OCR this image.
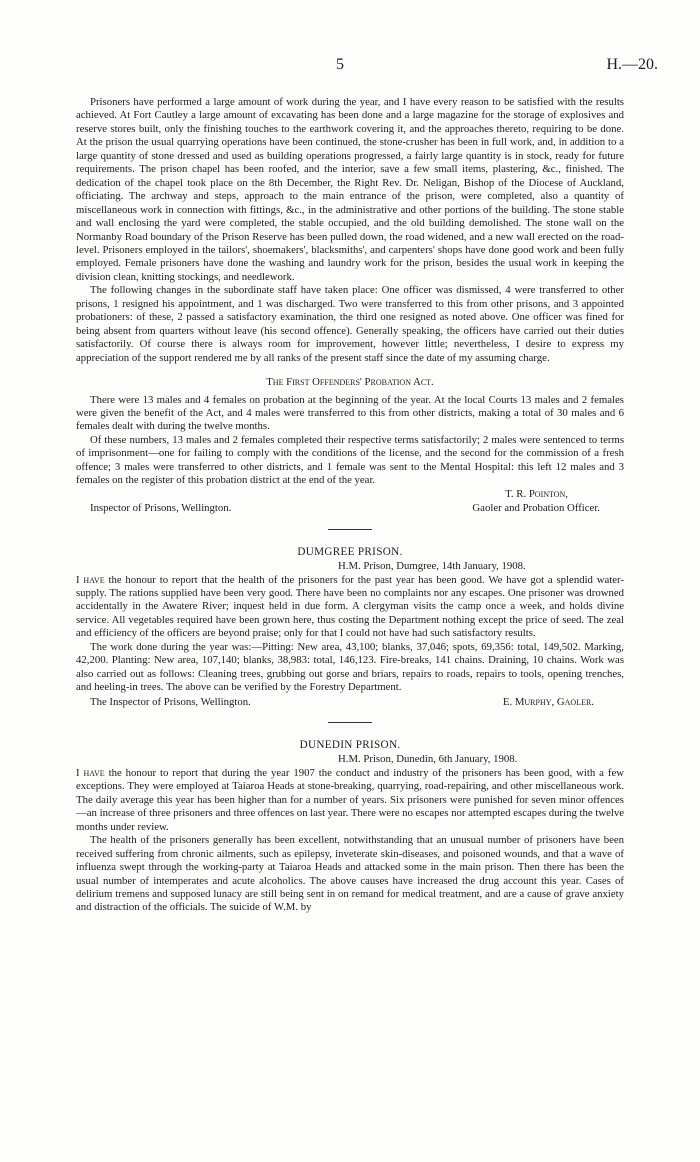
5	H.—20.

Prisoners have performed a large amount of work during the year, and I have every reason to be satisfied with the results achieved. At Fort Cautley a large amount of excavating has been done and a large magazine for the storage of explosives and reserve stores built, only the finishing touches to the earthwork covering it, and the approaches thereto, requiring to be done. At the prison the usual quarrying operations have been continued, the stone-crusher has been in full work, and, in addition to a large quantity of stone dressed and used as building operations progressed, a fairly large quantity is in stock, ready for future requirements. The prison chapel has been roofed, and the interior, save a few small items, plastering, &c., finished. The dedication of the chapel took place on the 8th December, the Right Rev. Dr. Neligan, Bishop of the Diocese of Auckland, officiating. The archway and steps, approach to the main entrance of the prison, were completed, also a quantity of miscellaneous work in connection with fittings, &c., in the administrative and other portions of the building. The stone stable and wall enclosing the yard were completed, the stable occupied, and the old building demolished. The stone wall on the Normanby Road boundary of the Prison Reserve has been pulled down, the road widened, and a new wall erected on the road-level. Prisoners employed in the tailors', shoemakers', blacksmiths', and carpenters' shops have done good work and been fully employed. Female prisoners have done the washing and laundry work for the prison, besides the usual work in keeping the division clean, knitting stockings, and needlework.

The following changes in the subordinate staff have taken place: One officer was dismissed, 4 were transferred to other prisons, 1 resigned his appointment, and 1 was discharged. Two were transferred to this from other prisons, and 3 appointed probationers: of these, 2 passed a satisfactory examination, the third one resigned as noted above. One officer was fined for being absent from quarters without leave (his second offence). Generally speaking, the officers have carried out their duties satisfactorily. Of course there is always room for improvement, however little; nevertheless, I desire to express my appreciation of the support rendered me by all ranks of the present staff since the date of my assuming charge.

The First Offenders' Probation Act.

There were 13 males and 4 females on probation at the beginning of the year. At the local Courts 13 males and 2 females were given the benefit of the Act, and 4 males were transferred to this from other districts, making a total of 30 males and 6 females dealt with during the twelve months.

Of these numbers, 13 males and 2 females completed their respective terms satisfactorily; 2 males were sentenced to terms of imprisonment—one for failing to comply with the conditions of the license, and the second for the commission of a fresh offence; 3 males were transferred to other districts, and 1 female was sent to the Mental Hospital: this left 12 males and 3 females on the register of this probation district at the end of the year.

T. R. Pointon,

Inspector of Prisons, Wellington.	Gaoler and Probation Officer.

DUMGREE PRISON.

H.M. Prison, Dumgree, 14th January, 1908.

I have the honour to report that the health of the prisoners for the past year has been good. We have got a splendid water-supply. The rations supplied have been very good. There have been no complaints nor any escapes. One prisoner was drowned accidentally in the Awatere River; inquest held in due form. A clergyman visits the camp once a week, and holds divine service. All vegetables required have been grown here, thus costing the Department nothing except the price of seed. The zeal and efficiency of the officers are beyond praise; only for that I could not have had such satisfactory results.

The work done during the year was:—Pitting: New area, 43,100; blanks, 37,046; spots, 69,356: total, 149,502. Marking, 42,200. Planting: New area, 107,140; blanks, 38,983: total, 146,123. Fire-breaks, 141 chains. Draining, 10 chains. Work was also carried out as follows: Cleaning trees, grubbing out gorse and briars, repairs to roads, repairs to tools, opening trenches, and heeling-in trees. The above can be verified by the Forestry Department.

The Inspector of Prisons, Wellington.	E. Murphy, Gaoler.

DUNEDIN PRISON.

H.M. Prison, Dunedin, 6th January, 1908.

I have the honour to report that during the year 1907 the conduct and industry of the prisoners has been good, with a few exceptions. They were employed at Taiaroa Heads at stone-breaking, quarrying, road-repairing, and other miscellaneous work. The daily average this year has been higher than for a number of years. Six prisoners were punished for seven minor offences—an increase of three prisoners and three offences on last year. There were no escapes nor attempted escapes during the twelve months under review.

The health of the prisoners generally has been excellent, notwithstanding that an unusual number of prisoners have been received suffering from chronic ailments, such as epilepsy, inveterate skin-diseases, and poisoned wounds, and that a wave of influenza swept through the working-party at Taiaroa Heads and attacked some in the main prison. Then there has been the usual number of intemperates and acute alcoholics. The above causes have increased the drug account this year. Cases of delirium tremens and supposed lunacy are still being sent in on remand for medical treatment, and are a cause of grave anxiety and distraction of the officials. The suicide of W.M. by
